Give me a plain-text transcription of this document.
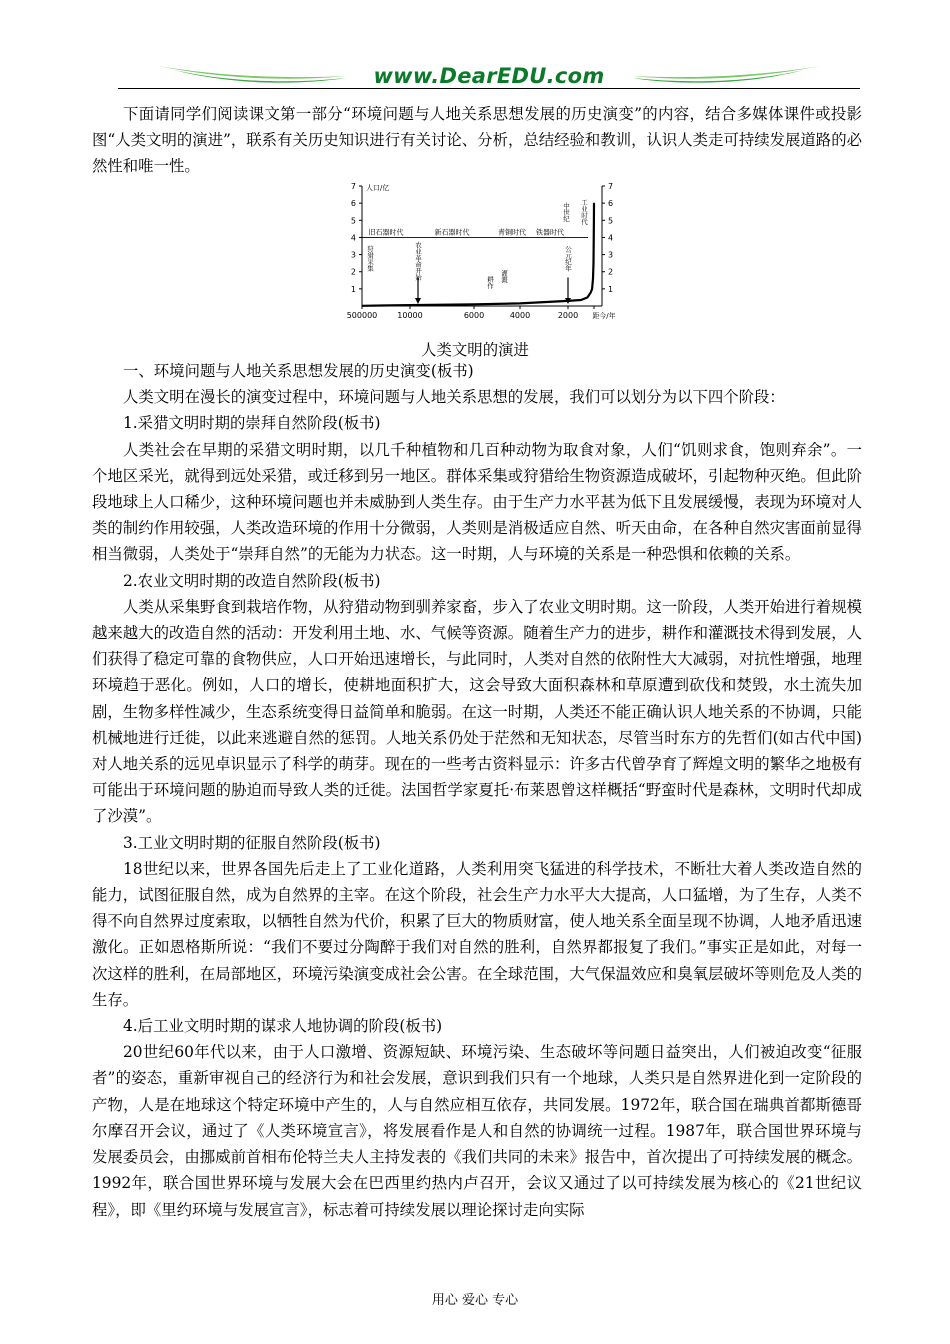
www.DearEDU.com

下面请同学们阅读课文第一部分“环境问题与人地关系思想发展的历史演变”的内容，结合多媒体课件或投影图“人类文明的演进”，联系有关历史知识进行有关讨论、分析，总结经验和教训，认识人类走可持续发展道路的必然性和唯一性。

1	1
2	2
3	3
4	4
5	5
6	6
7	7
人口/亿
500000	10000	6000	4000	2000 距今/年
旧石器时代	新石器时代	青铜时代 铁器时代
中世纪 工业时代
狩猎采集	农业革命开始
耕作 灌溉
公元纪年
人类文明的演进

一、环境问题与人地关系思想发展的历史演变(板书)

人类文明在漫长的演变过程中，环境问题与人地关系思想的发展，我们可以划分为以下四个阶段：

1.采猎文明时期的崇拜自然阶段(板书)

人类社会在早期的采猎文明时期，以几千种植物和几百种动物为取食对象，人们“饥则求食，饱则弃余”。一个地区采光，就得到远处采猎，或迁移到另一地区。群体采集或狩猎给生物资源造成破坏，引起物种灭绝。但此阶段地球上人口稀少，这种环境问题也并未威胁到人类生存。由于生产力水平甚为低下且发展缓慢，表现为环境对人类的制约作用较强，人类改造环境的作用十分微弱，人类则是消极适应自然、听天由命，在各种自然灾害面前显得相当微弱，人类处于“崇拜自然”的无能为力状态。这一时期，人与环境的关系是一种恐惧和依赖的关系。

2.农业文明时期的改造自然阶段(板书)

人类从采集野食到栽培作物，从狩猎动物到驯养家畜，步入了农业文明时期。这一阶段，人类开始进行着规模越来越大的改造自然的活动：开发利用土地、水、气候等资源。随着生产力的进步，耕作和灌溉技术得到发展，人们获得了稳定可靠的食物供应，人口开始迅速增长，与此同时，人类对自然的依附性大大减弱，对抗性增强，地理环境趋于恶化。例如，人口的增长，使耕地面积扩大，这会导致大面积森林和草原遭到砍伐和焚毁，水土流失加剧，生物多样性减少，生态系统变得日益简单和脆弱。在这一时期，人类还不能正确认识人地关系的不协调，只能机械地进行迁徙，以此来逃避自然的惩罚。人地关系仍处于茫然和无知状态，尽管当时东方的先哲们(如古代中国)对人地关系的远见卓识显示了科学的萌芽。现在的一些考古资料显示：许多古代曾孕育了辉煌文明的繁华之地极有可能出于环境问题的胁迫而导致人类的迁徙。法国哲学家夏托·布莱恩曾这样概括“野蛮时代是森林，文明时代却成了沙漠”。

3.工业文明时期的征服自然阶段(板书)

18世纪以来，世界各国先后走上了工业化道路，人类利用突飞猛进的科学技术，不断壮大着人类改造自然的能力，试图征服自然，成为自然界的主宰。在这个阶段，社会生产力水平大大提高，人口猛增，为了生存，人类不得不向自然界过度索取，以牺牲自然为代价，积累了巨大的物质财富，使人地关系全面呈现不协调，人地矛盾迅速激化。正如恩格斯所说：“我们不要过分陶醉于我们对自然的胜利，自然界都报复了我们。”事实正是如此，对每一次这样的胜利，在局部地区，环境污染演变成社会公害。在全球范围，大气保温效应和臭氧层破坏等则危及人类的生存。

4.后工业文明时期的谋求人地协调的阶段(板书)

20世纪60年代以来，由于人口激增、资源短缺、环境污染、生态破坏等问题日益突出，人们被迫改变“征服者”的姿态，重新审视自己的经济行为和社会发展，意识到我们只有一个地球，人类只是自然界进化到一定阶段的产物，人是在地球这个特定环境中产生的，人与自然应相互依存，共同发展。1972年，联合国在瑞典首都斯德哥尔摩召开会议，通过了《人类环境宣言》，将发展看作是人和自然的协调统一过程。1987年，联合国世界环境与发展委员会，由挪威前首相布伦特兰夫人主持发表的《我们共同的未来》报告中，首次提出了可持续发展的概念。1992年，联合国世界环境与发展大会在巴西里约热内卢召开，会议又通过了以可持续发展为核心的《21世纪议程》，即《里约环境与发展宣言》，标志着可持续发展以理论探讨走向实际

用心 爱心 专心
